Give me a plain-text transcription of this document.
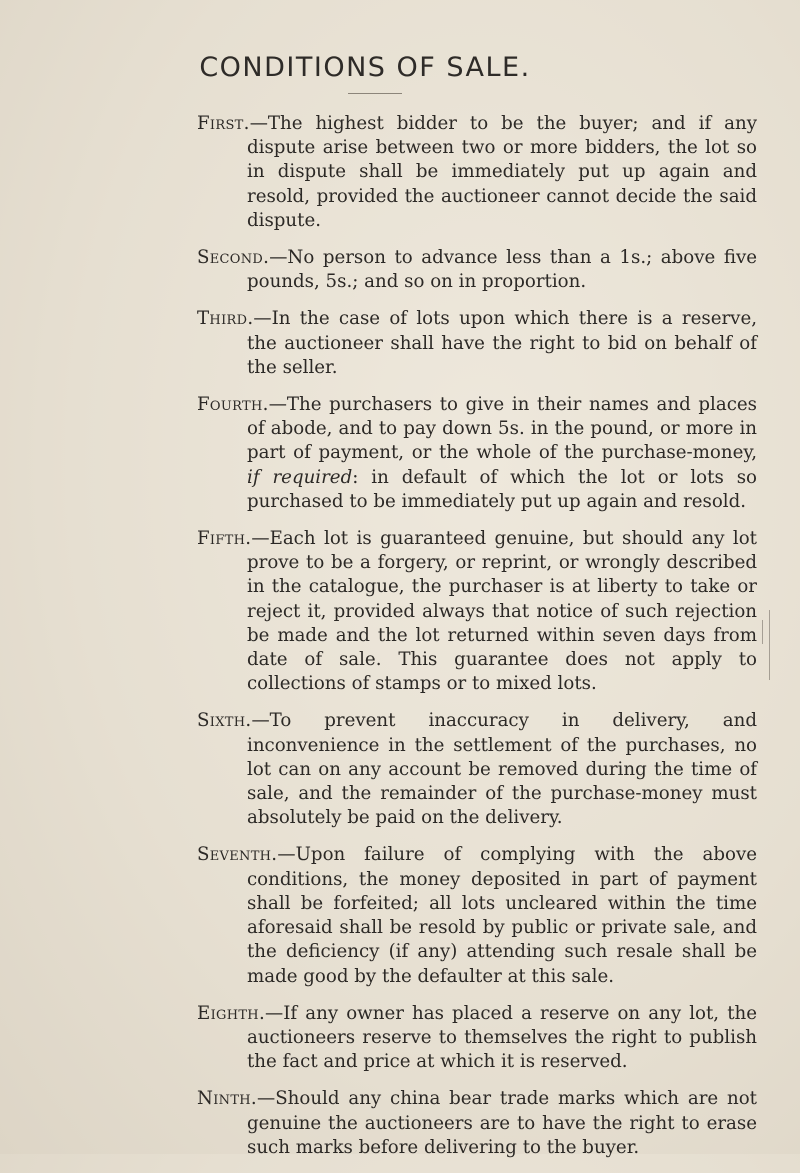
CONDITIONS OF SALE.

First.—The highest bidder to be the buyer; and if any dispute arise between two or more bidders, the lot so in dispute shall be immediately put up again and resold, provided the auctioneer cannot decide the said dispute.

Second.—No person to advance less than a 1s.; above five pounds, 5s.; and so on in proportion.

Third.—In the case of lots upon which there is a reserve, the auctioneer shall have the right to bid on behalf of the seller.

Fourth.—The purchasers to give in their names and places of abode, and to pay down 5s. in the pound, or more in part of payment, or the whole of the purchase-money, if required: in default of which the lot or lots so purchased to be immediately put up again and resold.

Fifth.—Each lot is guaranteed genuine, but should any lot prove to be a forgery, or reprint, or wrongly described in the catalogue, the purchaser is at liberty to take or reject it, provided always that notice of such rejection be made and the lot returned within seven days from date of sale. This guarantee does not apply to collections of stamps or to mixed lots.

Sixth.—To prevent inaccuracy in delivery, and inconvenience in the settlement of the purchases, no lot can on any account be removed during the time of sale, and the remainder of the purchase-money must absolutely be paid on the delivery.

Seventh.—Upon failure of complying with the above conditions, the money deposited in part of payment shall be forfeited; all lots uncleared within the time aforesaid shall be resold by public or private sale, and the deficiency (if any) attending such resale shall be made good by the defaulter at this sale.

Eighth.—If any owner has placed a reserve on any lot, the auctioneers reserve to themselves the right to publish the fact and price at which it is reserved.

Ninth.—Should any china bear trade marks which are not genuine the auctioneers are to have the right to erase such marks before delivering to the buyer.
